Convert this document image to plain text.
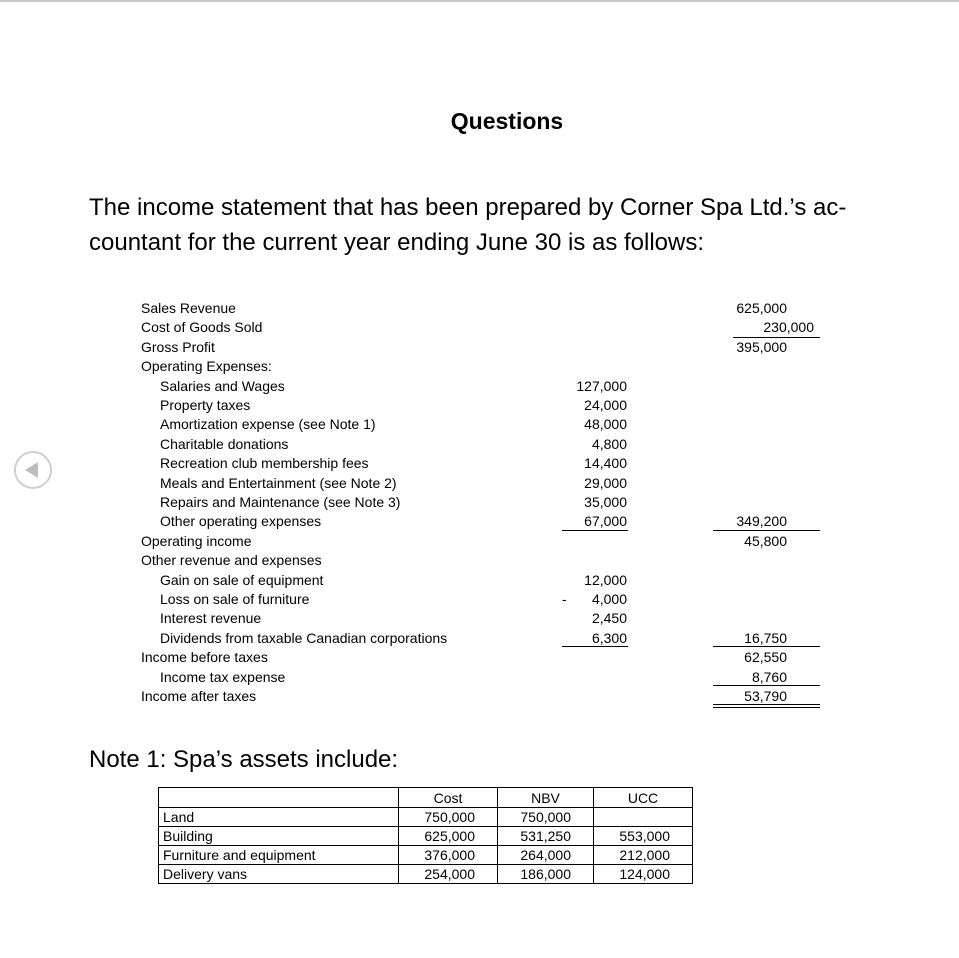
Questions
The income statement that has been prepared by Corner Spa Ltd.’s ac-
countant for the current year ending June 30 is as follows:
Sales Revenue	625,000
Cost of Goods Sold	230,000
Gross Profit	395,000
Operating Expenses:
Salaries and Wages	127,000
Property taxes	24,000
Amortization expense (see Note 1)	48,000
Charitable donations	4,800
Recreation club membership fees	14,400
Meals and Entertainment (see Note 2)	29,000
Repairs and Maintenance (see Note 3)	35,000
Other operating expenses	67,000	349,200
Operating income	45,800
Other revenue and expenses
Gain on sale of equipment	12,000
Loss on sale of furniture	-	4,000
Interest revenue	2,450
Dividends from taxable Canadian corporations	6,300	16,750
Income before taxes	62,550
Income tax expense	8,760
Income after taxes	53,790
Note 1: Spa’s assets include:
	Cost	NBV	UCC
Land	750,000	750,000	
Building	625,000	531,250	553,000
Furniture and equipment	376,000	264,000	212,000
Delivery vans	254,000	186,000	124,000
